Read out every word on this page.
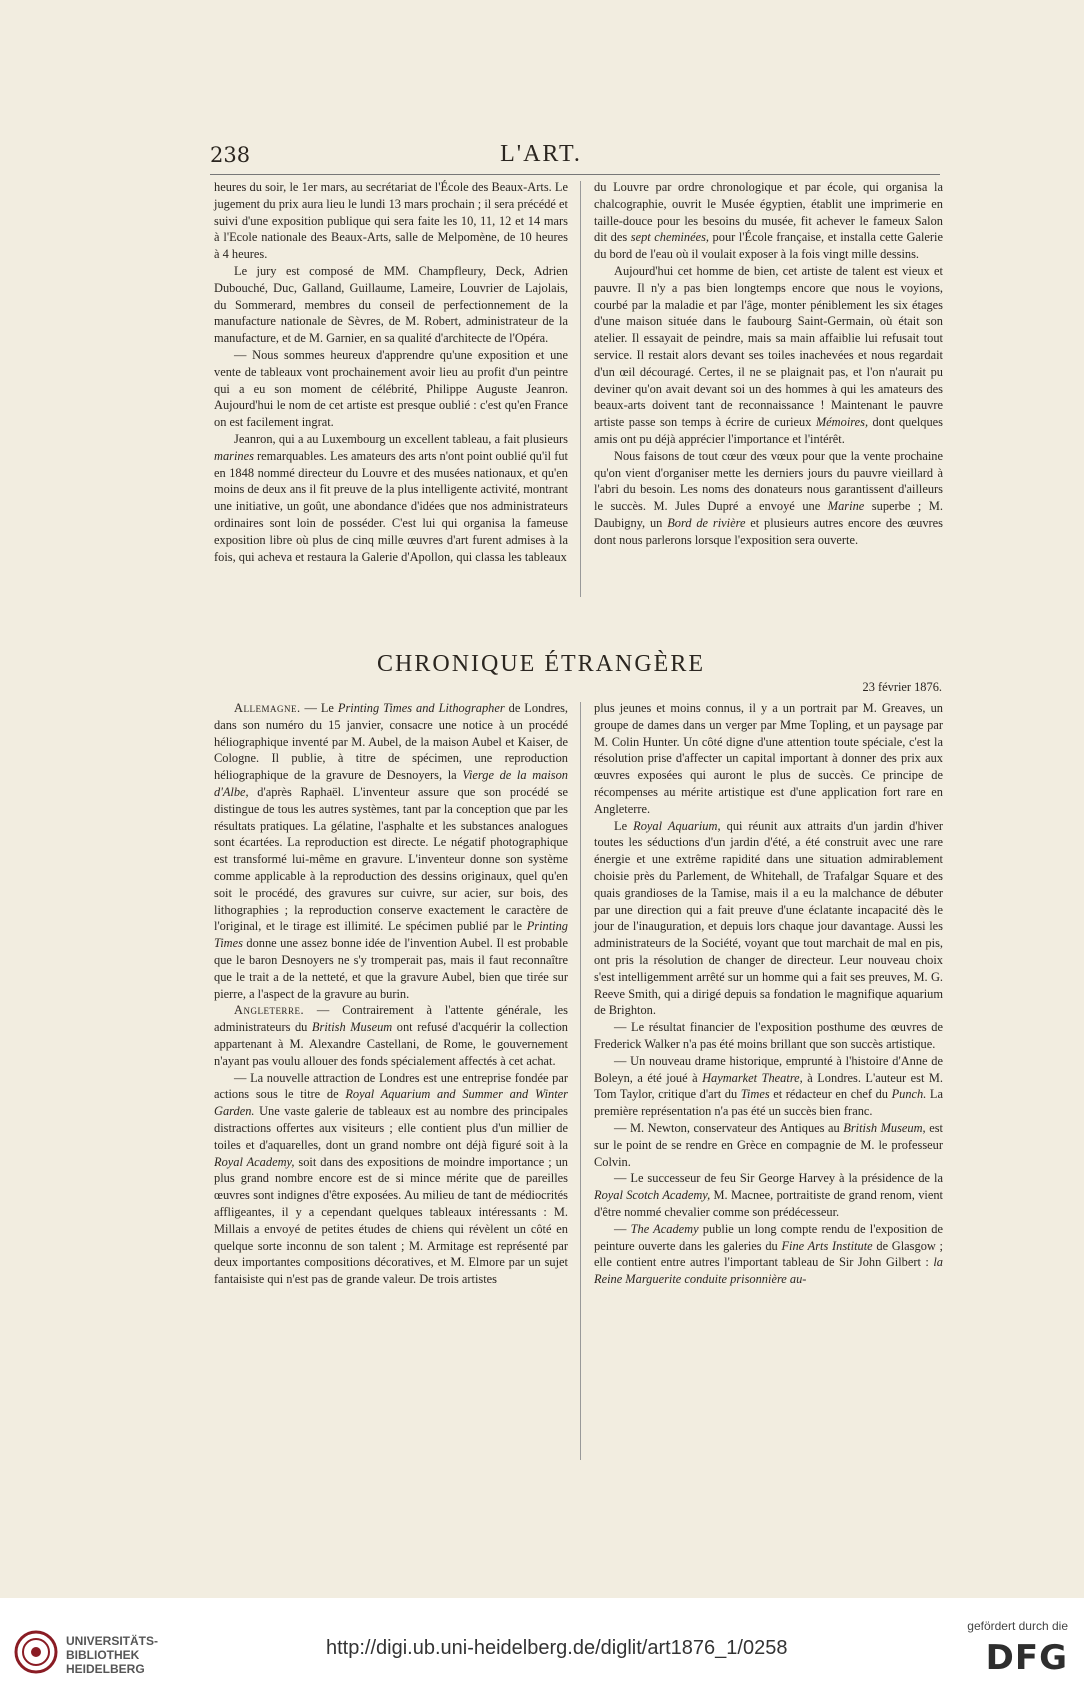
238	L'ART.

heures du soir, le 1er mars, au secrétariat de l'École des Beaux-Arts. Le jugement du prix aura lieu le lundi 13 mars prochain ; il sera précédé et suivi d'une exposition publique qui sera faite les 10, 11, 12 et 14 mars à l'Ecole nationale des Beaux-Arts, salle de Melpomène, de 10 heures à 4 heures.

Le jury est composé de MM. Champfleury, Deck, Adrien Dubouché, Duc, Galland, Guillaume, Lameire, Louvrier de Lajolais, du Sommerard, membres du conseil de perfectionnement de la manufacture nationale de Sèvres, de M. Robert, administrateur de la manufacture, et de M. Garnier, en sa qualité d'architecte de l'Opéra.

— Nous sommes heureux d'apprendre qu'une exposition et une vente de tableaux vont prochainement avoir lieu au profit d'un peintre qui a eu son moment de célébrité, Philippe Auguste Jeanron. Aujourd'hui le nom de cet artiste est presque oublié : c'est qu'en France on est facilement ingrat.

Jeanron, qui a au Luxembourg un excellent tableau, a fait plusieurs marines remarquables. Les amateurs des arts n'ont point oublié qu'il fut en 1848 nommé directeur du Louvre et des musées nationaux, et qu'en moins de deux ans il fit preuve de la plus intelligente activité, montrant une initiative, un goût, une abondance d'idées que nos administrateurs ordinaires sont loin de posséder. C'est lui qui organisa la fameuse exposition libre où plus de cinq mille œuvres d'art furent admises à la fois, qui acheva et restaura la Galerie d'Apollon, qui classa les tableaux

du Louvre par ordre chronologique et par école, qui organisa la chalcographie, ouvrit le Musée égyptien, établit une imprimerie en taille-douce pour les besoins du musée, fit achever le fameux Salon dit des sept cheminées, pour l'École française, et installa cette Galerie du bord de l'eau où il voulait exposer à la fois vingt mille dessins.

Aujourd'hui cet homme de bien, cet artiste de talent est vieux et pauvre. Il n'y a pas bien longtemps encore que nous le voyions, courbé par la maladie et par l'âge, monter péniblement les six étages d'une maison située dans le faubourg Saint-Germain, où était son atelier. Il essayait de peindre, mais sa main affaiblie lui refusait tout service. Il restait alors devant ses toiles inachevées et nous regardait d'un œil découragé. Certes, il ne se plaignait pas, et l'on n'aurait pu deviner qu'on avait devant soi un des hommes à qui les amateurs des beaux-arts doivent tant de reconnaissance ! Maintenant le pauvre artiste passe son temps à écrire de curieux Mémoires, dont quelques amis ont pu déjà apprécier l'importance et l'intérêt.

Nous faisons de tout cœur des vœux pour que la vente prochaine qu'on vient d'organiser mette les derniers jours du pauvre vieillard à l'abri du besoin. Les noms des donateurs nous garantissent d'ailleurs le succès. M. Jules Dupré a envoyé une Marine superbe ; M. Daubigny, un Bord de rivière et plusieurs autres encore des œuvres dont nous parlerons lorsque l'exposition sera ouverte.

CHRONIQUE ÉTRANGÈRE
23 février 1876.

Allemagne. — Le Printing Times and Lithographer de Londres, dans son numéro du 15 janvier, consacre une notice à un procédé héliographique inventé par M. Aubel, de la maison Aubel et Kaiser, de Cologne. Il publie, à titre de spécimen, une reproduction héliographique de la gravure de Desnoyers, la Vierge de la maison d'Albe, d'après Raphaël. L'inventeur assure que son procédé se distingue de tous les autres systèmes, tant par la conception que par les résultats pratiques. La gélatine, l'asphalte et les substances analogues sont écartées. La reproduction est directe. Le négatif photographique est transformé lui-même en gravure. L'inventeur donne son système comme applicable à la reproduction des dessins originaux, quel qu'en soit le procédé, des gravures sur cuivre, sur acier, sur bois, des lithographies ; la reproduction conserve exactement le caractère de l'original, et le tirage est illimité. Le spécimen publié par le Printing Times donne une assez bonne idée de l'invention Aubel. Il est probable que le baron Desnoyers ne s'y tromperait pas, mais il faut reconnaître que le trait a de la netteté, et que la gravure Aubel, bien que tirée sur pierre, a l'aspect de la gravure au burin.

Angleterre. — Contrairement à l'attente générale, les administrateurs du British Museum ont refusé d'acquérir la collection appartenant à M. Alexandre Castellani, de Rome, le gouvernement n'ayant pas voulu allouer des fonds spécialement affectés à cet achat.

— La nouvelle attraction de Londres est une entreprise fondée par actions sous le titre de Royal Aquarium and Summer and Winter Garden. Une vaste galerie de tableaux est au nombre des principales distractions offertes aux visiteurs ; elle contient plus d'un millier de toiles et d'aquarelles, dont un grand nombre ont déjà figuré soit à la Royal Academy, soit dans des expositions de moindre importance ; un plus grand nombre encore est de si mince mérite que de pareilles œuvres sont indignes d'être exposées. Au milieu de tant de médiocrités affligeantes, il y a cependant quelques tableaux intéressants : M. Millais a envoyé de petites études de chiens qui révèlent un côté en quelque sorte inconnu de son talent ; M. Armitage est représenté par deux importantes compositions décoratives, et M. Elmore par un sujet fantaisiste qui n'est pas de grande valeur. De trois artistes

plus jeunes et moins connus, il y a un portrait par M. Greaves, un groupe de dames dans un verger par Mme Topling, et un paysage par M. Colin Hunter. Un côté digne d'une attention toute spéciale, c'est la résolution prise d'affecter un capital important à donner des prix aux œuvres exposées qui auront le plus de succès. Ce principe de récompenses au mérite artistique est d'une application fort rare en Angleterre.

Le Royal Aquarium, qui réunit aux attraits d'un jardin d'hiver toutes les séductions d'un jardin d'été, a été construit avec une rare énergie et une extrême rapidité dans une situation admirablement choisie près du Parlement, de Whitehall, de Trafalgar Square et des quais grandioses de la Tamise, mais il a eu la malchance de débuter par une direction qui a fait preuve d'une éclatante incapacité dès le jour de l'inauguration, et depuis lors chaque jour davantage. Aussi les administrateurs de la Société, voyant que tout marchait de mal en pis, ont pris la résolution de changer de directeur. Leur nouveau choix s'est intelligemment arrêté sur un homme qui a fait ses preuves, M. G. Reeve Smith, qui a dirigé depuis sa fondation le magnifique aquarium de Brighton.

— Le résultat financier de l'exposition posthume des œuvres de Frederick Walker n'a pas été moins brillant que son succès artistique.

— Un nouveau drame historique, emprunté à l'histoire d'Anne de Boleyn, a été joué à Haymarket Theatre, à Londres. L'auteur est M. Tom Taylor, critique d'art du Times et rédacteur en chef du Punch. La première représentation n'a pas été un succès bien franc.

— M. Newton, conservateur des Antiques au British Museum, est sur le point de se rendre en Grèce en compagnie de M. le professeur Colvin.

— Le successeur de feu Sir George Harvey à la présidence de la Royal Scotch Academy, M. Macnee, portraitiste de grand renom, vient d'être nommé chevalier comme son prédécesseur.

— The Academy publie un long compte rendu de l'exposition de peinture ouverte dans les galeries du Fine Arts Institute de Glasgow ; elle contient entre autres l'important tableau de Sir John Gilbert : la Reine Marguerite conduite prisonnière au-

UNIVERSITÄTS-
BIBLIOTHEK
HEIDELBERG
http://digi.ub.uni-heidelberg.de/diglit/art1876_1/0258
gefördert durch die
DFG
